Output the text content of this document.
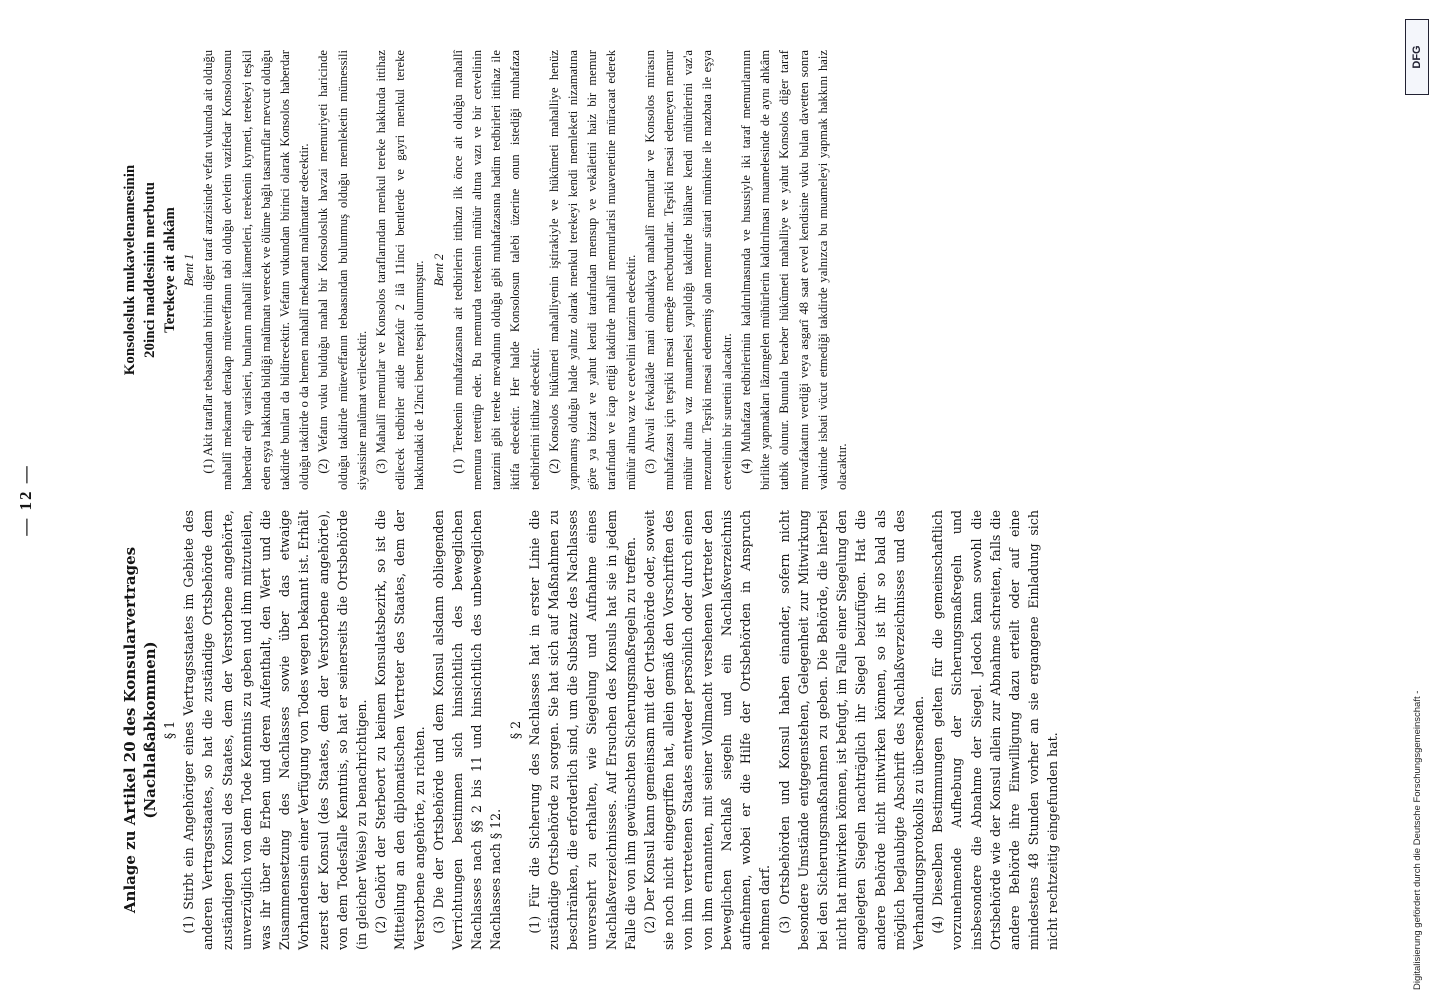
— 12 —

Anlage zu Artikel 20 des Konsularvertrages (Nachlaßabkommen) § 1 (1) Stirbt ein Angehöriger eines Vertragsstaates im Gebiete des anderen Vertragsstaates, so hat die zuständige Ortsbehörde dem zuständigen Konsul des Staates, dem der Verstorbene angehörte, unverzüglich von dem Tode Kenntnis zu geben und ihm mitzuteilen, was ihr über die Erben und deren Aufenthalt, den Wert und die Zusammensetzung des Nachlasses sowie über das etwaige Vorhandensein einer Verfügung von Todes wegen bekannt ist. Erhält zuerst der Konsul (des Staates, dem der Verstorbene angehörte), von dem Todesfalle Kenntnis, so hat er seinerseits die Ortsbehörde (in gleicher Weise) zu benachrichtigen. (2) Gehört der Sterbeort zu keinem Konsulatsbezirk, so ist die Mitteilung an den diplomatischen Vertreter des Staates, dem der Verstorbene angehörte, zu richten. (3) Die der Ortsbehörde und dem Konsul alsdann obliegenden Verrichtungen bestimmen sich hinsichtlich des beweglichen Nachlasses nach §§ 2 bis 11 und hinsichtlich des unbeweglichen Nachlasses nach § 12.

§ 2 (1) Für die Sicherung des Nachlasses hat in erster Linie die zuständige Ortsbehörde zu sorgen. Sie hat sich auf Maßnahmen zu beschränken, die erforderlich sind, um die Substanz des Nachlasses unversehrt zu erhalten, wie Siegelung und Aufnahme eines Nachlaßverzeichnisses. Auf Ersuchen des Konsuls hat sie in jedem Falle die von ihm gewünschten Sicherungsmaßregeln zu treffen. (2) Der Konsul kann gemeinsam mit der Ortsbehörde oder, soweit sie noch nicht eingegriffen hat, allein gemäß den Vorschriften des von ihm vertretenen Staates entweder persönlich oder durch einen von ihm ernannten, mit seiner Vollmacht versehenen Vertreter den beweglichen Nachlaß siegeln und ein Nachlaßverzeichnis aufnehmen, wobei er die Hilfe der Ortsbehörden in Anspruch nehmen darf. (3) Ortsbehörden und Konsul haben einander, sofern nicht besondere Umstände entgegenstehen, Gelegenheit zur Mitwirkung bei den Sicherungsmaßnahmen zu geben. Die Behörde, die hierbei nicht hat mitwirken können, ist befugt, im Falle einer Siegelung den angelegten Siegeln nachträglich ihr Siegel beizufügen. Hat die andere Behörde nicht mitwirken können, so ist ihr so bald als möglich beglaubigte Abschrift des Nachlaßverzeichnisses und des Verhandlungsprotokolls zu übersenden. (4) Dieselben Bestimmungen gelten für die gemeinschaftlich vorzunehmende Aufhebung der Sicherungsmaßregeln und insbesondere die Abnahme der Siegel. Jedoch kann sowohl die Ortsbehörde wie der Konsul allein zur Abnahme schreiten, falls die andere Behörde ihre Einwilligung dazu erteilt oder auf eine mindestens 48 Stunden vorher an sie ergangene Einladung sich nicht rechtzeitig eingefunden hat.

Konsolosluk mukavelenamesinin 20inci maddesinin merbutu Terekeye ait ahkâm Bent 1 (1) Akit taraflar tebaasından birinin diğer taraf arazisinde vefatı vukunda ait olduğu mahallî mekamat derakap müteveffanın tabi olduğu devletin vazifedar Konsolosunu haberdar edip varisleri, bunların mahallî ikametleri, terekenin kıymeti, terekeyi teşkil eden eşya hakkında bildiği malûmatı verecek ve ölüme bağlı tasarruflar mevcut olduğu takdirde bunları da bildirecektir. Vefatın vukundan birinci olarak Konsolos haberdar olduğu takdirde o da hemen mahallî mekamatı malûmattar edecektir. (2) Vefatın vuku bulduğu mahal bir Konsolosluk havzai memuriyeti haricinde olduğu takdirde müteveffanın tebaasından bulunmuş olduğu memleketin mümessili siyasisine malûmat verilecektir. (3) Mahallî memurlar ve Konsolos taraflarından menkul tereke hakkında ittihaz edilecek tedbirler atide mezkûr 2 ilâ 11inci bentlerde ve gayri menkul tereke hakkındaki de 12inci bente tespit olunmuştur. Bent 2 (1) Terekenin muhafazasına ait tedbirlerin ittihazı ilk önce ait olduğu mahallî memura terettüp eder. Bu memurda terekenin mühür altına vazı ve bir cetvelinin tanzimi gibi tereke mevadının olduğu gibi muhafazasına hadim tedbirleri ittihaz ile iktifa edecektir. Her halde Konsolosun talebi üzerine onun istediği muhafaza tedbirlerini ittihaz edecektir. (2) Konsolos hükûmeti mahalliyenin iştirakiyle ve hükûmeti mahalliye henüz yapmamış olduğu halde yalnız olarak menkul terekeyi kendi memleketi nizamatına göre ya bizzat ve yahut kendi tarafından mensup ve vekâletini haiz bir memur tarafından ve icap ettiği takdirde mahallî memurlarisi muavenetine müracaat ederek mühür altına vaz ve cetvelini tanzim edecektir. (3) Ahvali fevkalâde mani olmadıkça mahallî memurlar ve Konsolos mirasın muhafazası için teşriki mesai etmeğe mecburdurlar. Teşriki mesai edemeyen memur mühür altına vaz muamelesi yapıldığı takdirde bilâhare kendi mühürlerini vaz'a mezundur. Teşriki mesai edememiş olan memur sürati mümkine ile mazbata ile eşya cetvelinin bir suretini alacaktır. (4) Muhafaza tedbirlerinin kaldırılmasında ve hususiyle iki taraf memurlarının birlikte yapmakları lâzımgelen mühürlerin kaldırılması muamelesinde de aynı ahkâm tatbik olunur. Bununla beraber hükûmeti mahalliye ve yahut Konsolos diğer taraf muvafakatını verdiği veya asgarî 48 saat evvel kendisine vuku bulan davetten sonra vaktinde isbati vücut etmediği takdirde yalnızca bu muameleyi yapmak hakkını haiz olacaktır.

Digitalisierung gefördert durch die Deutsche Forschungsgemeinschaft -
DFG
